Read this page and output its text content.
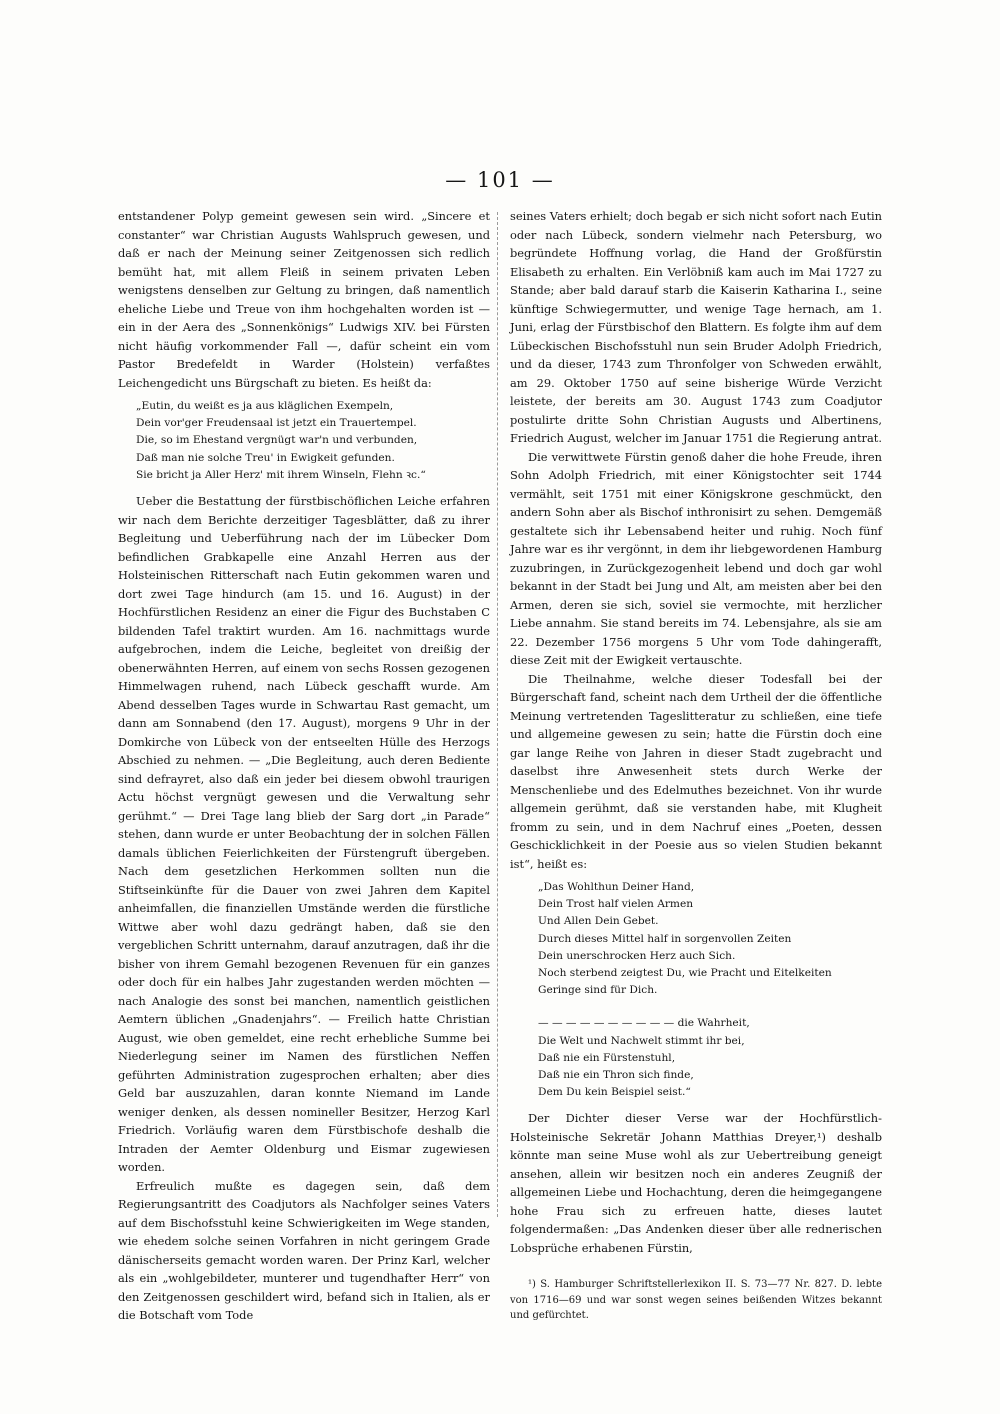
— 101 —

entstandener Polyp gemeint gewesen sein wird. „Sincere et constanter“ war Christian Augusts Wahlspruch gewesen, und daß er nach der Meinung seiner Zeitgenossen sich redlich bemüht hat, mit allem Fleiß in seinem privaten Leben wenigstens denselben zur Geltung zu bringen, daß namentlich eheliche Liebe und Treue von ihm hochgehalten worden ist — ein in der Aera des „Sonnenkönigs“ Ludwigs XIV. bei Fürsten nicht häufig vorkommender Fall —, dafür scheint ein vom Pastor Bredefeldt in Warder (Holstein) verfaßtes Leichengedicht uns Bürgschaft zu bieten. Es heißt da:

„Eutin, du weißt es ja aus kläglichen Exempeln,
Dein vor'ger Freudensaal ist jetzt ein Trauertempel.
Die, so im Ehestand vergnügt war'n und verbunden,
Daß man nie solche Treu' in Ewigkeit gefunden.
Sie bricht ja Aller Herz' mit ihrem Winseln, Flehn ꝛc.“

Ueber die Bestattung der fürstbischöflichen Leiche erfahren wir nach dem Berichte derzeitiger Tagesblätter, daß zu ihrer Begleitung und Ueberführung nach der im Lübecker Dom befindlichen Grabkapelle eine Anzahl Herren aus der Holsteinischen Ritterschaft nach Eutin gekommen waren und dort zwei Tage hindurch (am 15. und 16. August) in der Hochfürstlichen Residenz an einer die Figur des Buchstaben C bildenden Tafel traktirt wurden. Am 16. nachmittags wurde aufgebrochen, indem die Leiche, begleitet von dreißig der obenerwähnten Herren, auf einem von sechs Rossen gezogenen Himmelwagen ruhend, nach Lübeck geschafft wurde. Am Abend desselben Tages wurde in Schwartau Rast gemacht, um dann am Sonnabend (den 17. August), morgens 9 Uhr in der Domkirche von Lübeck von der entseelten Hülle des Herzogs Abschied zu nehmen. — „Die Begleitung, auch deren Bediente sind defrayret, also daß ein jeder bei diesem obwohl traurigen Actu höchst vergnügt gewesen und die Verwaltung sehr gerühmt.“ — Drei Tage lang blieb der Sarg dort „in Parade“ stehen, dann wurde er unter Beobachtung der in solchen Fällen damals üblichen Feierlichkeiten der Fürstengruft übergeben. Nach dem gesetzlichen Herkommen sollten nun die Stiftseinkünfte für die Dauer von zwei Jahren dem Kapitel anheimfallen, die finanziellen Umstände werden die fürstliche Wittwe aber wohl dazu gedrängt haben, daß sie den vergeblichen Schritt unternahm, darauf anzutragen, daß ihr die bisher von ihrem Gemahl bezogenen Revenuen für ein ganzes oder doch für ein halbes Jahr zugestanden werden möchten — nach Analogie des sonst bei manchen, namentlich geistlichen Aemtern üblichen „Gnadenjahrs“. — Freilich hatte Christian August, wie oben gemeldet, eine recht erhebliche Summe bei Niederlegung seiner im Namen des fürstlichen Neffen geführten Administration zugesprochen erhalten; aber dies Geld bar auszuzahlen, daran konnte Niemand im Lande weniger denken, als dessen nomineller Besitzer, Herzog Karl Friedrich. Vorläufig waren dem Fürstbischofe deshalb die Intraden der Aemter Oldenburg und Eismar zugewiesen worden.

Erfreulich mußte es dagegen sein, daß dem Regierungsantritt des Coadjutors als Nachfolger seines Vaters auf dem Bischofsstuhl keine Schwierigkeiten im Wege standen, wie ehedem solche seinen Vorfahren in nicht geringem Grade dänischerseits gemacht worden waren. Der Prinz Karl, welcher als ein „wohlgebildeter, munterer und tugendhafter Herr“ von den Zeitgenossen geschildert wird, befand sich in Italien, als er die Botschaft vom Tode

seines Vaters erhielt; doch begab er sich nicht sofort nach Eutin oder nach Lübeck, sondern vielmehr nach Petersburg, wo begründete Hoffnung vorlag, die Hand der Großfürstin Elisabeth zu erhalten. Ein Verlöbniß kam auch im Mai 1727 zu Stande; aber bald darauf starb die Kaiserin Katharina I., seine künftige Schwiegermutter, und wenige Tage hernach, am 1. Juni, erlag der Fürstbischof den Blattern. Es folgte ihm auf dem Lübeckischen Bischofsstuhl nun sein Bruder Adolph Friedrich, und da dieser, 1743 zum Thronfolger von Schweden erwählt, am 29. Oktober 1750 auf seine bisherige Würde Verzicht leistete, der bereits am 30. August 1743 zum Coadjutor postulirte dritte Sohn Christian Augusts und Albertinens, Friedrich August, welcher im Januar 1751 die Regierung antrat.

Die verwittwete Fürstin genoß daher die hohe Freude, ihren Sohn Adolph Friedrich, mit einer Königstochter seit 1744 vermählt, seit 1751 mit einer Königskrone geschmückt, den andern Sohn aber als Bischof inthronisirt zu sehen. Demgemäß gestaltete sich ihr Lebensabend heiter und ruhig. Noch fünf Jahre war es ihr vergönnt, in dem ihr liebgewordenen Hamburg zuzubringen, in Zurückgezogenheit lebend und doch gar wohl bekannt in der Stadt bei Jung und Alt, am meisten aber bei den Armen, deren sie sich, soviel sie vermochte, mit herzlicher Liebe annahm. Sie stand bereits im 74. Lebensjahre, als sie am 22. Dezember 1756 morgens 5 Uhr vom Tode dahingerafft, diese Zeit mit der Ewigkeit vertauschte.

Die Theilnahme, welche dieser Todesfall bei der Bürgerschaft fand, scheint nach dem Urtheil der die öffentliche Meinung vertretenden Tageslitteratur zu schließen, eine tiefe und allgemeine gewesen zu sein; hatte die Fürstin doch eine gar lange Reihe von Jahren in dieser Stadt zugebracht und daselbst ihre Anwesenheit stets durch Werke der Menschenliebe und des Edelmuthes bezeichnet. Von ihr wurde allgemein gerühmt, daß sie verstanden habe, mit Klugheit fromm zu sein, und in dem Nachruf eines „Poeten, dessen Geschicklichkeit in der Poesie aus so vielen Studien bekannt ist“, heißt es:

„Das Wohlthun Deiner Hand,
Dein Trost half vielen Armen
Und Allen Dein Gebet.
Durch dieses Mittel half in sorgenvollen Zeiten
Dein unerschrocken Herz auch Sich.
Noch sterbend zeigtest Du, wie Pracht und Eitelkeiten
Geringe sind für Dich.
— — — — — — — — — — die Wahrheit,
Die Welt und Nachwelt stimmt ihr bei,
Daß nie ein Fürstenstuhl,
Daß nie ein Thron sich finde,
Dem Du kein Beispiel seist.“

Der Dichter dieser Verse war der Hochfürstlich-Holsteinische Sekretär Johann Matthias Dreyer,¹) deshalb könnte man seine Muse wohl als zur Uebertreibung geneigt ansehen, allein wir besitzen noch ein anderes Zeugniß der allgemeinen Liebe und Hochachtung, deren die heimgegangene hohe Frau sich zu erfreuen hatte, dieses lautet folgendermaßen: „Das Andenken dieser über alle rednerischen Lobsprüche erhabenen Fürstin,

¹) S. Hamburger Schriftstellerlexikon II. S. 73—77 Nr. 827. D. lebte von 1716—69 und war sonst wegen seines beißenden Witzes bekannt und gefürchtet.
